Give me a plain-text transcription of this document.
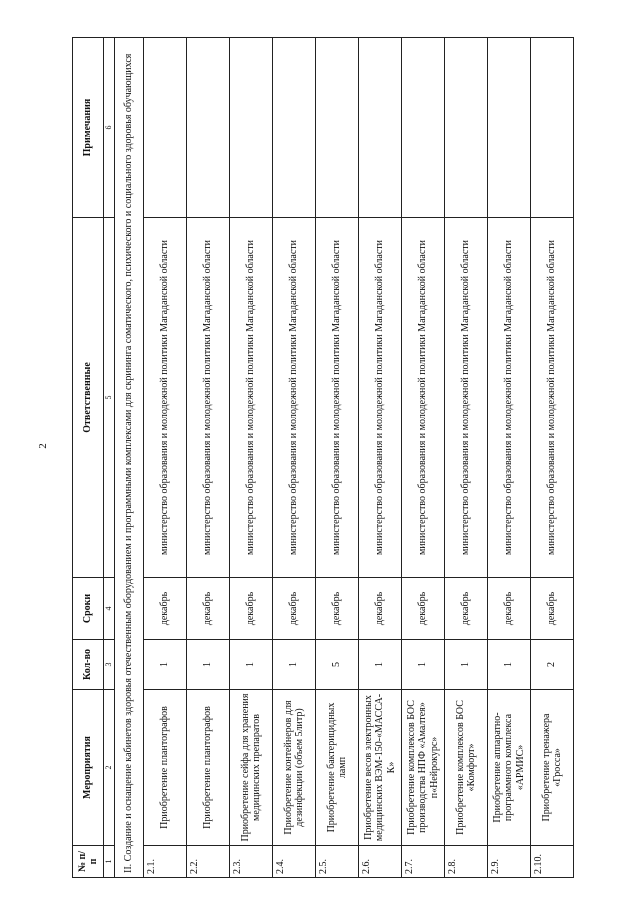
2
№ п/п	Мероприятия	Кол-во	Сроки	Ответственные	Примечания
1	2	3	4	5	6
II. Создание и оснащение кабинетов здоровья отечественным оборудованием и программными комплексами для скрининга соматического, психического и социального здоровья обучающихся					
2.1.	Приобретение плантографов	1	декабрь	министерство образования и молодежной политики Магаданской области	
2.2.	Приобретение плантографов	1	декабрь	министерство образования и молодежной политики Магаданской области	
2.3.	Приобретение сейфа для хранения медицинских препаратов	1	декабрь	министерство образования и молодежной политики Магаданской области	
2.4.	Приобретение контейнеров для дезинфекции (объем 5литр)	1	декабрь	министерство образования и молодежной политики Магаданской области	
2.5.	Приобретение бактерицидных ламп	5	декабрь	министерство образования и молодежной политики Магаданской области	
2.6.	Приобретение весов электронных медицинских ВЭМ-150-«МАССА-К»	1	декабрь	министерство образования и молодежной политики Магаданской области	
2.7.	Приобретение комплексов БОС производства НПФ «Амалтея» п«Нейрокурс»	1	декабрь	министерство образования и молодежной политики Магаданской области	
2.8.	Приобретение комплексов БОС «Комфорт»	1	декабрь	министерство образования и молодежной политики Магаданской области	
2.9.	Приобретение аппаратно-программного комплекса «АРМИС»	1	декабрь	министерство образования и молодежной политики Магаданской области	
2.10.	Приобретение тренажера «Гросса»	2	декабрь	министерство образования и молодежной политики Магаданской области	
